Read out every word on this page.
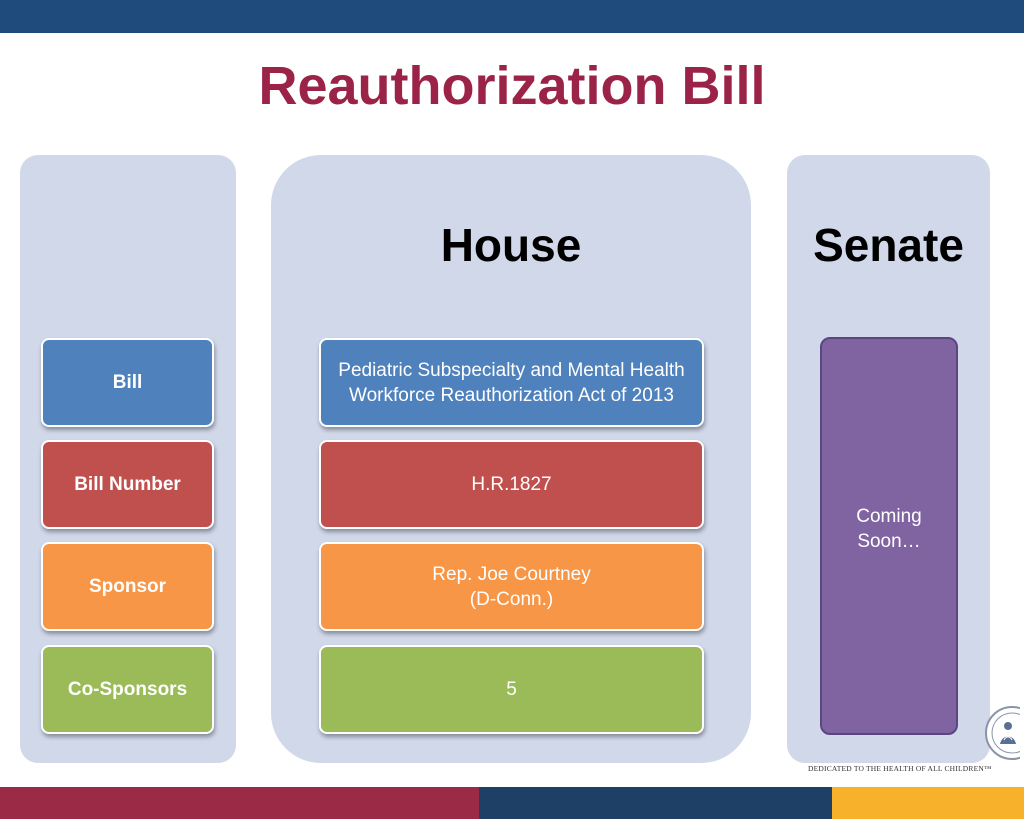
Reauthorization Bill
House	Senate
Bill
Bill Number
Sponsor
Co-Sponsors
Pediatric Subspecialty and Mental Health Workforce Reauthorization Act of 2013
H.R.1827
Rep. Joe Courtney
(D-Conn.)
5
Coming Soon…
DEDICATED TO THE HEALTH OF ALL CHILDREN™
